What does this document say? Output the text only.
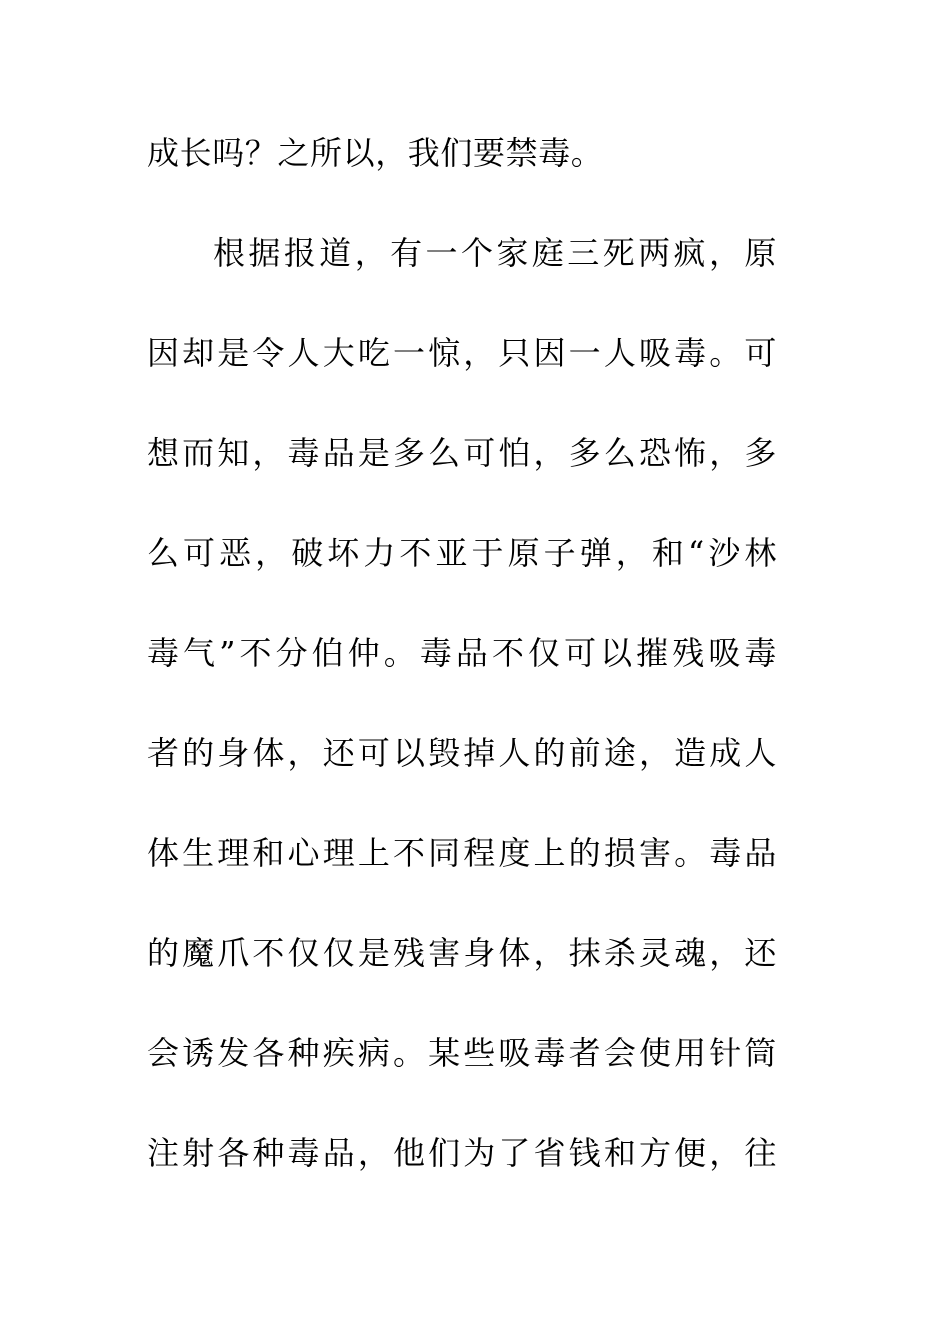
成长吗？之所以，我们要禁毒。
根据报道，有一个家庭三死两疯，原
因却是令人大吃一惊，只因一人吸毒。可
想而知，毒品是多么可怕，多么恐怖，多
么可恶，破坏力不亚于原子弹，和“沙林
毒气”不分伯仲。毒品不仅可以摧残吸毒
者的身体，还可以毁掉人的前途，造成人
体生理和心理上不同程度上的损害。毒品
的魔爪不仅仅是残害身体，抹杀灵魂，还
会诱发各种疾病。某些吸毒者会使用针筒
注射各种毒品，他们为了省钱和方便，往
